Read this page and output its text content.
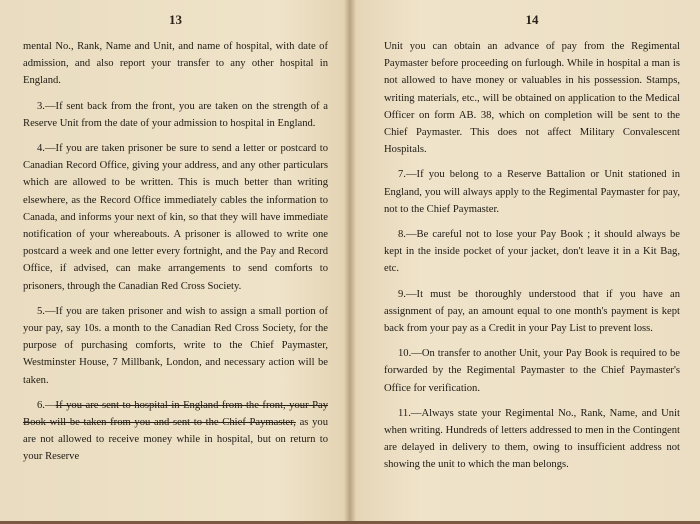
13

mental No., Rank, Name and Unit, and name of hospital, with date of admission, and also report your transfer to any other hospital in England.

3.—If sent back from the front, you are taken on the strength of a Reserve Unit from the date of your admission to hospital in England.

4.—If you are taken prisoner be sure to send a letter or postcard to Canadian Record Office, giving your address, and any other particulars which are allowed to be written. This is much better than writing elsewhere, as the Record Office immediately cables the information to Canada, and informs your next of kin, so that they will have immediate notification of your whereabouts. A prisoner is allowed to write one postcard a week and one letter every fortnight, and the Pay and Record Office, if advised, can make arrangements to send comforts to prisoners, through the Canadian Red Cross Society.

5.—If you are taken prisoner and wish to assign a small portion of your pay, say 10s. a month to the Canadian Red Cross Society, for the purpose of purchasing comforts, write to the Chief Paymaster, Westminster House, 7 Millbank, London, and necessary action will be taken.

6.—If you are sent to hospital in England from the front, your Pay Book will be taken from you and sent to the Chief Paymaster, as you are not allowed to receive money while in hospital, but on return to your Reserve

14

Unit you can obtain an advance of pay from the Regimental Paymaster before proceeding on furlough. While in hospital a man is not allowed to have money or valuables in his possession. Stamps, writing materials, etc., will be obtained on application to the Medical Officer on form AB. 38, which on completion will be sent to the Chief Paymaster. This does not affect Military Convalescent Hospitals.

7.—If you belong to a Reserve Battalion or Unit stationed in England, you will always apply to the Regimental Paymaster for pay, not to the Chief Paymaster.

8.—Be careful not to lose your Pay Book ; it should always be kept in the inside pocket of your jacket, don't leave it in a Kit Bag, etc.

9.—It must be thoroughly understood that if you have an assignment of pay, an amount equal to one month's payment is kept back from your pay as a Credit in your Pay List to prevent loss.

10.—On transfer to another Unit, your Pay Book is required to be forwarded by the Regimental Paymaster to the Chief Paymaster's Office for verification.

11.—Always state your Regimental No., Rank, Name, and Unit when writing. Hundreds of letters addressed to men in the Contingent are delayed in delivery to them, owing to insufficient address not showing the unit to which the man belongs.
